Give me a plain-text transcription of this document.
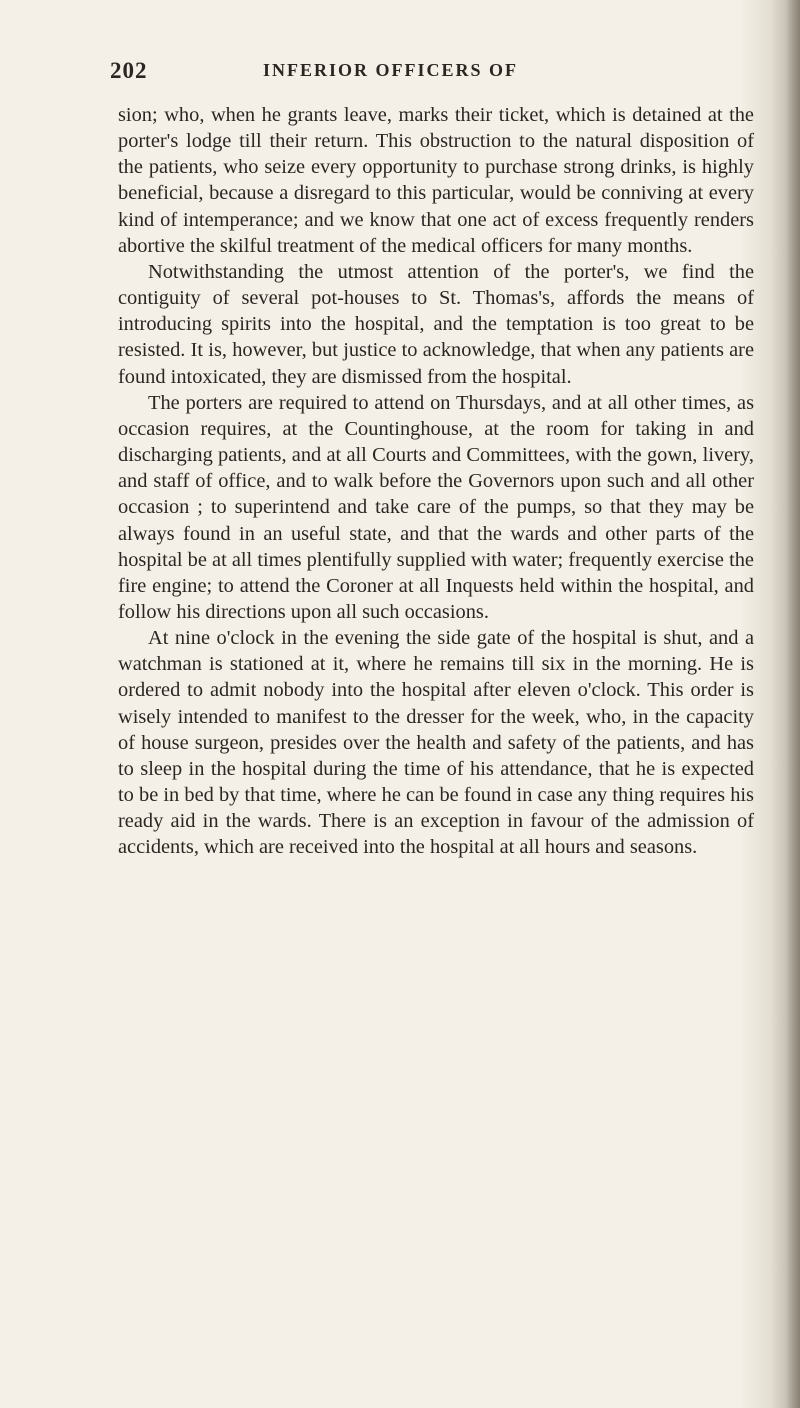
202	INFERIOR OFFICERS OF

sion; who, when he grants leave, marks their ticket, which is detained at the porter's lodge till their return. This obstruction to the natural disposition of the patients, who seize every opportunity to purchase strong drinks, is highly beneficial, because a disregard to this particular, would be conniving at every kind of intemperance; and we know that one act of excess frequently renders abortive the skilful treatment of the medical officers for many months.

Notwithstanding the utmost attention of the porter's, we find the contiguity of several pot-houses to St. Thomas's, affords the means of introducing spirits into the hospital, and the temptation is too great to be resisted. It is, however, but justice to acknowledge, that when any patients are found intoxicated, they are dismissed from the hospital.

The porters are required to attend on Thursdays, and at all other times, as occasion requires, at the Countinghouse, at the room for taking in and discharging patients, and at all Courts and Committees, with the gown, livery, and staff of office, and to walk before the Governors upon such and all other occasion ; to superintend and take care of the pumps, so that they may be always found in an useful state, and that the wards and other parts of the hospital be at all times plentifully supplied with water; frequently exercise the fire engine; to attend the Coroner at all Inquests held within the hospital, and follow his directions upon all such occasions.

At nine o'clock in the evening the side gate of the hospital is shut, and a watchman is stationed at it, where he remains till six in the morning. He is ordered to admit nobody into the hospital after eleven o'clock. This order is wisely intended to manifest to the dresser for the week, who, in the capacity of house surgeon, presides over the health and safety of the patients, and has to sleep in the hospital during the time of his attendance, that he is expected to be in bed by that time, where he can be found in case any thing requires his ready aid in the wards. There is an exception in favour of the admission of accidents, which are received into the hospital at all hours and seasons.
